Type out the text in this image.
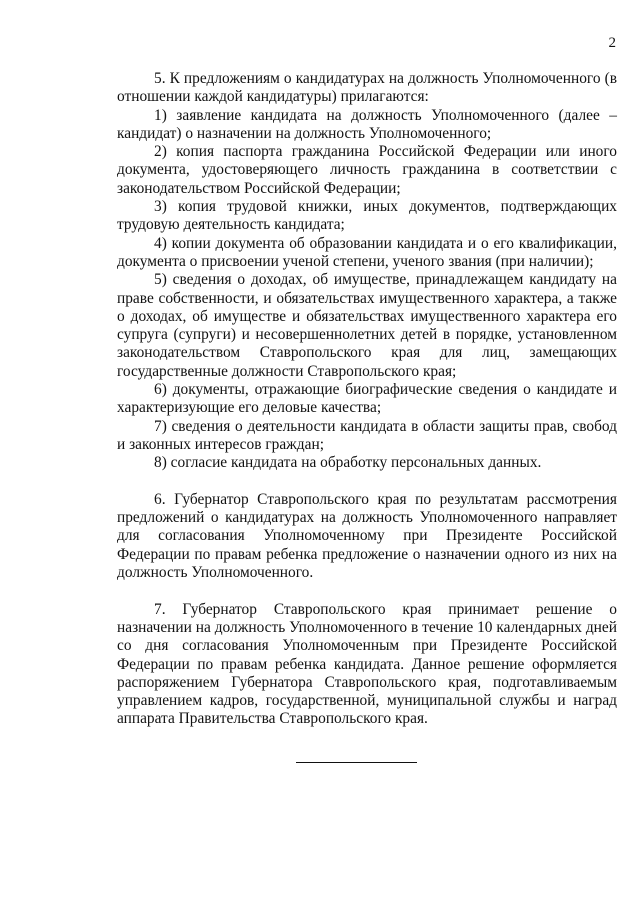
2

5. К предложениям о кандидатурах на должность Уполномоченного (в отношении каждой кандидатуры) прилагаются:

1) заявление кандидата на должность Уполномоченного (далее – кандидат) о назначении на должность Уполномоченного;

2) копия паспорта гражданина Российской Федерации или иного документа, удостоверяющего личность гражданина в соответствии с законодательством Российской Федерации;

3) копия трудовой книжки, иных документов, подтверждающих трудовую деятельность кандидата;

4) копии документа об образовании кандидата и о его квалификации, документа о присвоении ученой степени, ученого звания (при наличии);

5) сведения о доходах, об имуществе, принадлежащем кандидату на праве собственности, и обязательствах имущественного характера, а также о доходах, об имуществе и обязательствах имущественного характера его супруга (супруги) и несовершеннолетних детей в порядке, установленном законодательством Ставропольского края для лиц, замещающих государственные должности Ставропольского края;

6) документы, отражающие биографические сведения о кандидате и характеризующие его деловые качества;

7) сведения о деятельности кандидата в области защиты прав, свобод и законных интересов граждан;

8) согласие кандидата на обработку персональных данных.

6. Губернатор Ставропольского края по результатам рассмотрения предложений о кандидатурах на должность Уполномоченного направляет для согласования Уполномоченному при Президенте Российской Федерации по правам ребенка предложение о назначении одного из них на должность Уполномоченного.

7. Губернатор Ставропольского края принимает решение о назначении на должность Уполномоченного в течение 10 календарных дней со дня согласования Уполномоченным при Президенте Российской Федерации по правам ребенка кандидата. Данное решение оформляется распоряжением Губернатора Ставропольского края, подготавливаемым управлением кадров, государственной, муниципальной службы и наград аппарата Правительства Ставропольского края.
